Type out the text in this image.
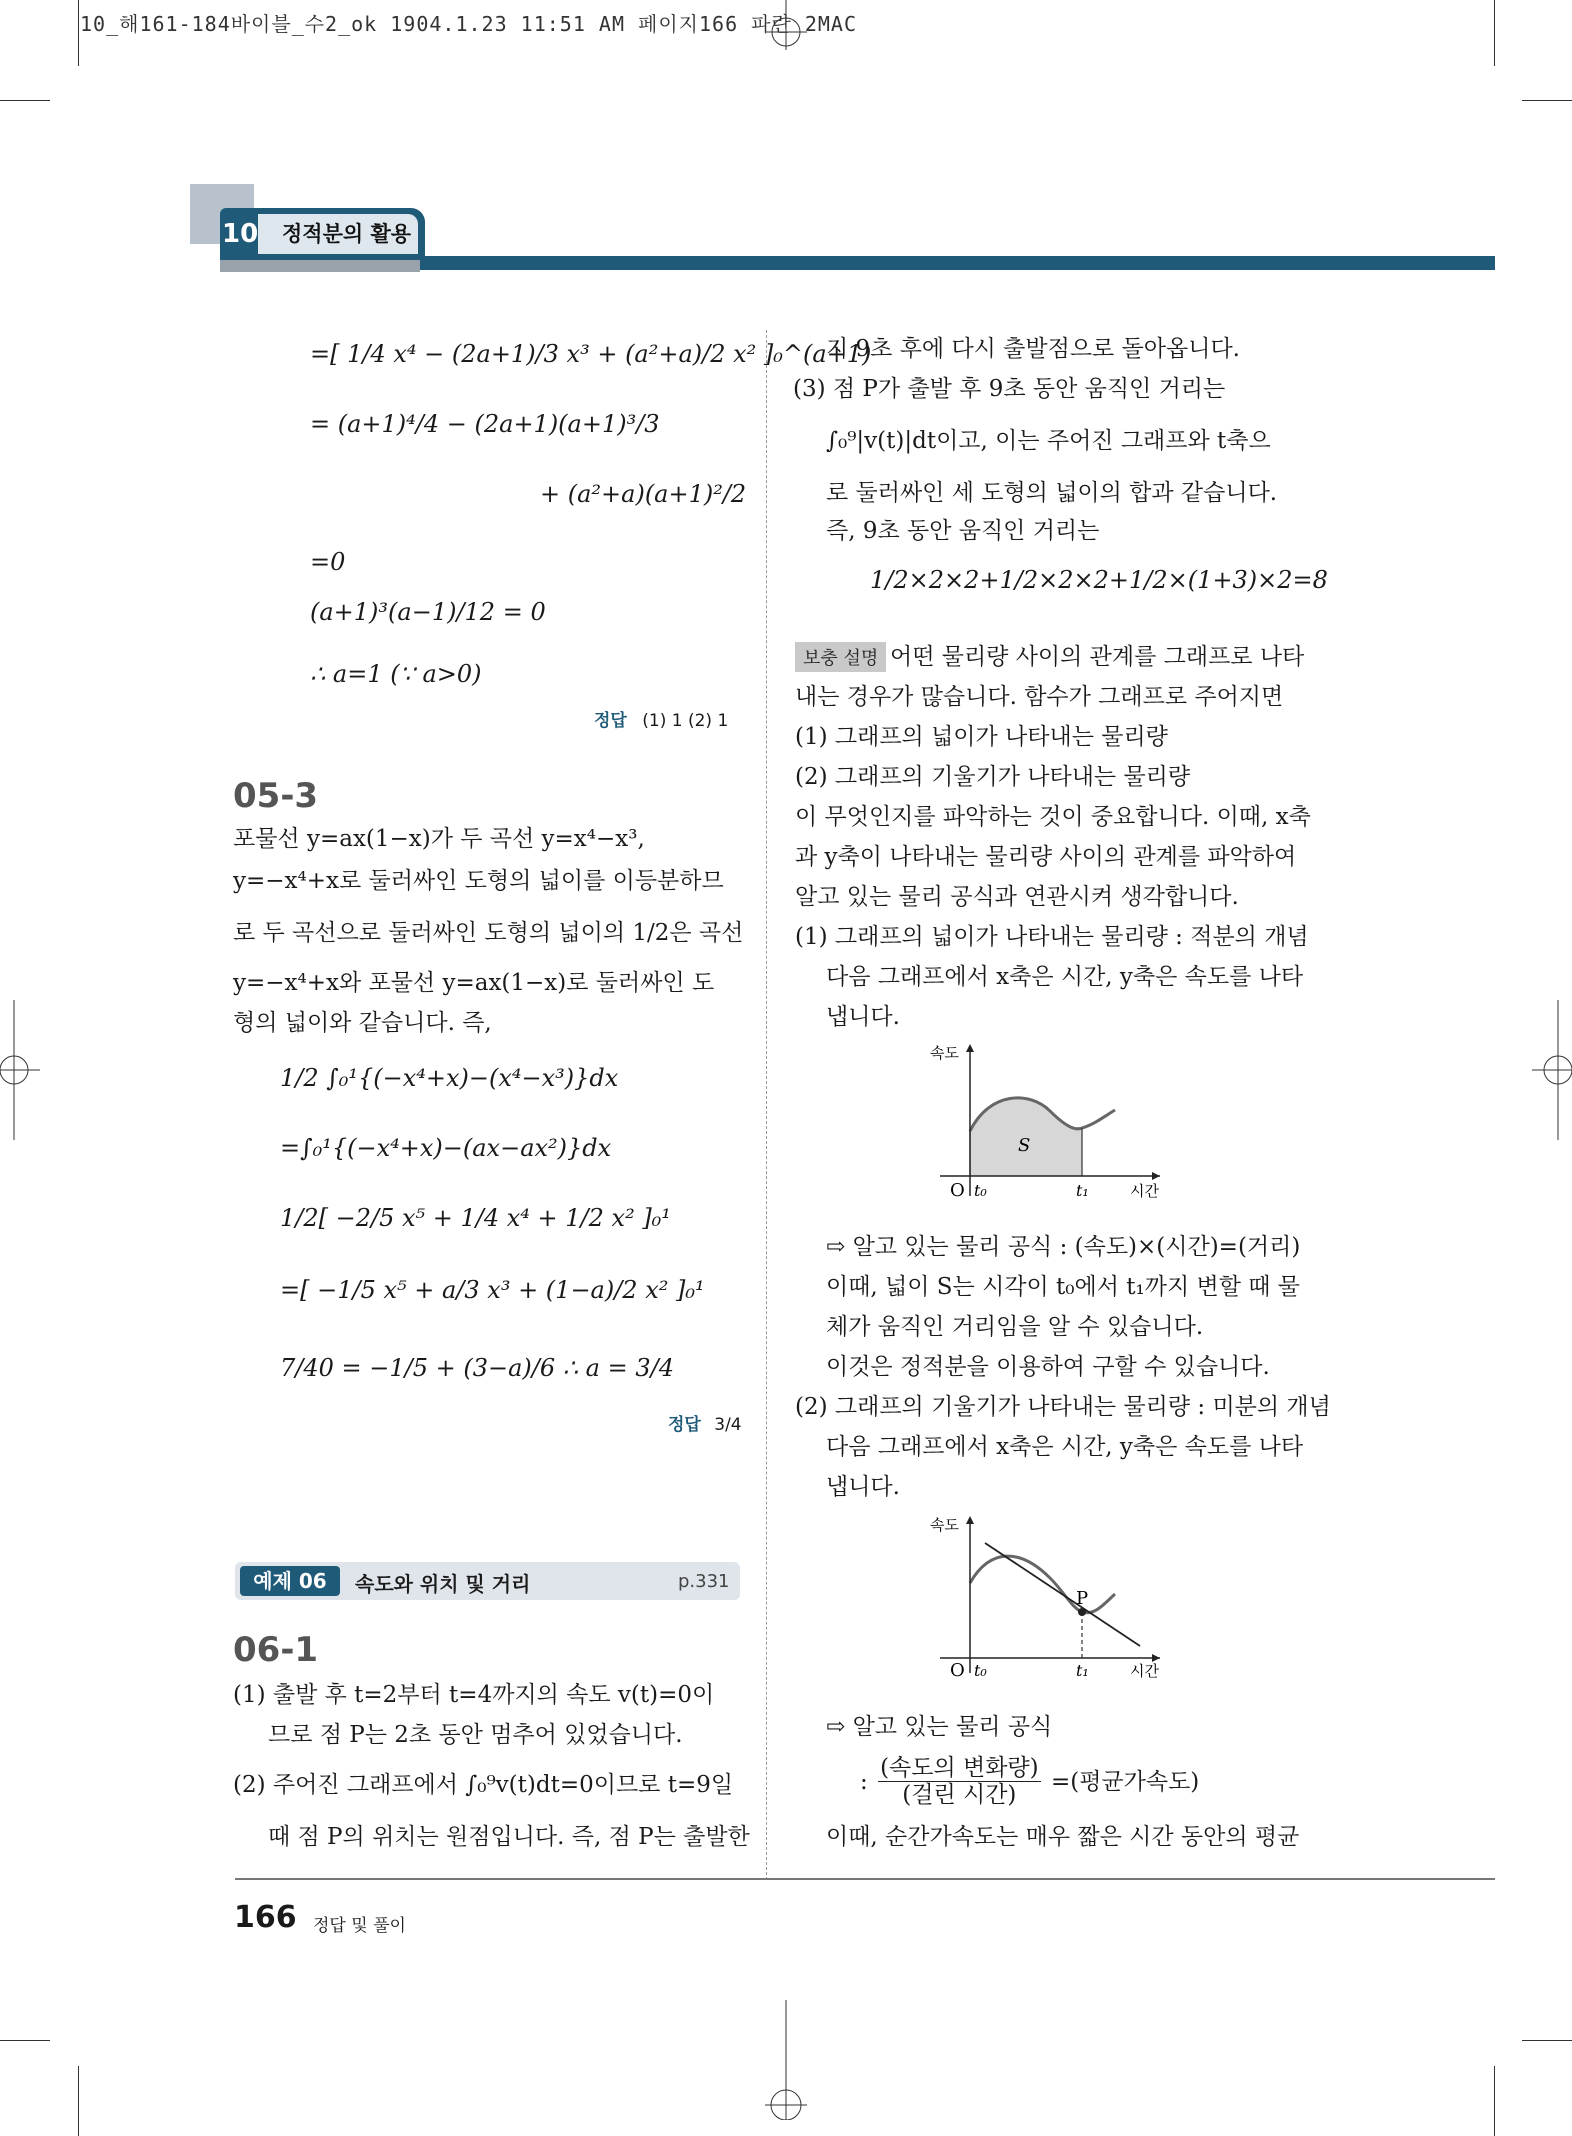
10_해161-184바이블_수2_ok 1904.1.23 11:51 AM 페이지166 파란 2MAC
10 정적분의 활용
=[ 1/4 x⁴ − (2a+1)/3 x³ + (a²+a)/2 x² ]₀^(a+1)
= (a+1)⁴/4 − (2a+1)(a+1)³/3
+ (a²+a)(a+1)²/2
=0
(a+1)³(a−1)/12 = 0
∴ a=1 (∵ a>0)
정답 (1) 1 (2) 1
05-3
포물선 y=ax(1−x)가 두 곡선 y=x⁴−x³,
y=−x⁴+x로 둘러싸인 도형의 넓이를 이등분하므
로 두 곡선으로 둘러싸인 도형의 넓이의 1/2은 곡선
y=−x⁴+x와 포물선 y=ax(1−x)로 둘러싸인 도
형의 넓이와 같습니다. 즉,
1/2 ∫₀¹{(−x⁴+x)−(x⁴−x³)}dx
=∫₀¹{(−x⁴+x)−(ax−ax²)}dx
1/2[ −2/5 x⁵ + 1/4 x⁴ + 1/2 x² ]₀¹
=[ −1/5 x⁵ + a/3 x³ + (1−a)/2 x² ]₀¹
7/40 = −1/5 + (3−a)/6 ∴ a = 3/4
정답 3/4
예제 06	속도와 위치 및 거리	p.331
06-1
(1) 출발 후 t=2부터 t=4까지의 속도 v(t)=0이
므로 점 P는 2초 동안 멈추어 있었습니다.
(2) 주어진 그래프에서 ∫₀⁹v(t)dt=0이므로 t=9일
때 점 P의 위치는 원점입니다. 즉, 점 P는 출발한
지 9초 후에 다시 출발점으로 돌아옵니다.
(3) 점 P가 출발 후 9초 동안 움직인 거리는
∫₀⁹|v(t)|dt이고, 이는 주어진 그래프와 t축으
로 둘러싸인 세 도형의 넓이의 합과 같습니다.
즉, 9초 동안 움직인 거리는
1/2×2×2+1/2×2×2+1/2×(1+3)×2=8
보충 설명 어떤 물리량 사이의 관계를 그래프로 나타
내는 경우가 많습니다. 함수가 그래프로 주어지면
(1) 그래프의 넓이가 나타내는 물리량
(2) 그래프의 기울기가 나타내는 물리량
이 무엇인지를 파악하는 것이 중요합니다. 이때, x축
과 y축이 나타내는 물리량 사이의 관계를 파악하여
알고 있는 물리 공식과 연관시켜 생각합니다.
(1) 그래프의 넓이가 나타내는 물리량 : 적분의 개념
다음 그래프에서 x축은 시간, y축은 속도를 나타
냅니다.
속도
시간
O t₀	t₁
S
⇨ 알고 있는 물리 공식 : (속도)×(시간)=(거리)
이때, 넓이 S는 시각이 t₀에서 t₁까지 변할 때 물
체가 움직인 거리임을 알 수 있습니다.
이것은 정적분을 이용하여 구할 수 있습니다.
(2) 그래프의 기울기가 나타내는 물리량 : 미분의 개념
다음 그래프에서 x축은 시간, y축은 속도를 나타
냅니다.
속도
시간
O t₀	t₁
P
⇨ 알고 있는 물리 공식
: $\frac{\text{(속도의 변화량)}}{\text{(걸린 시간)}}$ =(평균가속도)
이때, 순간가속도는 매우 짧은 시간 동안의 평균
166 정답 및 풀이
